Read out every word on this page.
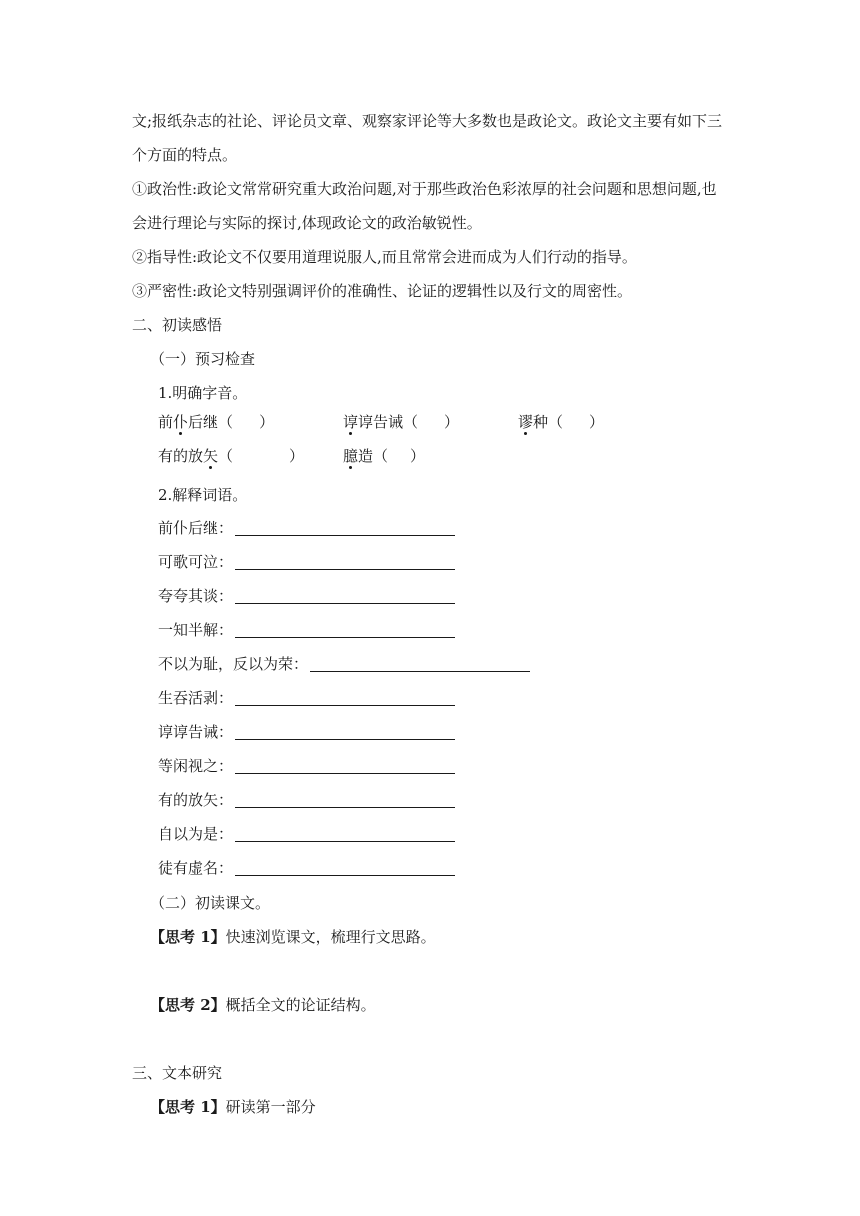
文;报纸杂志的社论、评论员文章、观察家评论等大多数也是政论文。政论文主要有如下三

个方面的特点。

①政治性:政论文常常研究重大政治问题,对于那些政治色彩浓厚的社会问题和思想问题,也

会进行理论与实际的探讨,体现政论文的政治敏锐性。

②指导性:政论文不仅要用道理说服人,而且常常会进而成为人们行动的指导。

③严密性:政论文特别强调评价的准确性、论证的逻辑性以及行文的周密性。

二、初读感悟

（一）预习检查

1.明确字音。

前仆后继（ ）	谆谆告诫（ ）	谬种（ ）
有的放矢（	）	臆造（ ）

2.解释词语。

前仆后继：
可歌可泣：
夸夸其谈：
一知半解：
不以为耻，反以为荣：
生吞活剥：
谆谆告诫：
等闲视之：
有的放矢：
自以为是：
徒有虚名：

（二）初读课文。

【思考 1】快速浏览课文，梳理行文思路。

【思考 2】概括全文的论证结构。

三、文本研究

【思考 1】研读第一部分
